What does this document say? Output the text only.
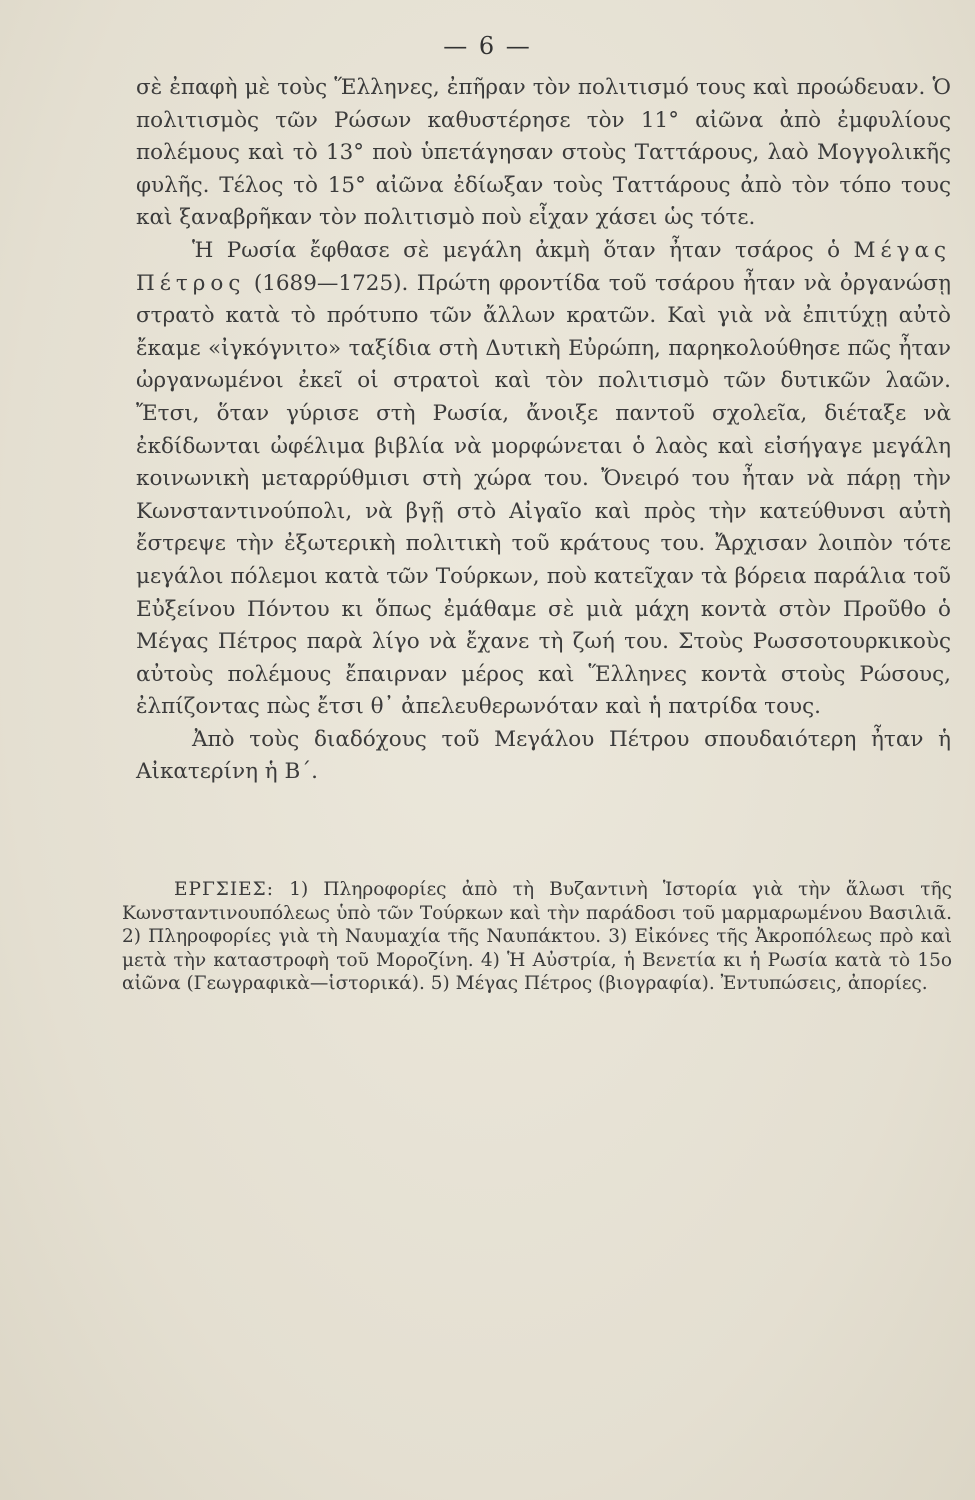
— 6 —

σὲ ἐπαφὴ μὲ τοὺς Ἕλληνες, ἐπῆραν τὸν πολιτισμό τους καὶ προώδευαν. Ὁ πολιτισμὸς τῶν Ρώσων καθυστέρησε τὸν 11° αἰῶνα ἀπὸ ἐμφυλίους πολέμους καὶ τὸ 13° ποὺ ὑπετάγησαν στοὺς Ταττάρους, λαὸ Μογγολικῆς φυλῆς. Τέλος τὸ 15° αἰῶνα ἐδίωξαν τοὺς Ταττάρους ἀπὸ τὸν τόπο τους καὶ ξαναβρῆκαν τὸν πολιτισμὸ ποὺ εἶχαν χάσει ὡς τότε.

Ἡ Ρωσία ἔφθασε σὲ μεγάλη ἀκμὴ ὅταν ἦταν τσάρος ὁ Μέγας Πέτρος (1689—1725). Πρώτη φροντίδα τοῦ τσάρου ἦταν νὰ ὀργανώσῃ στρατὸ κατὰ τὸ πρότυπο τῶν ἄλλων κρατῶν. Καὶ γιὰ νὰ ἐπιτύχῃ αὐτὸ ἔκαμε «ἰγκόγνιτο» ταξίδια στὴ Δυτικὴ Εὐρώπη, παρηκολούθησε πῶς ἦταν ὠργανωμένοι ἐκεῖ οἱ στρατοὶ καὶ τὸν πολιτισμὸ τῶν δυτικῶν λαῶν. Ἔτσι, ὅταν γύρισε στὴ Ρωσία, ἄνοιξε παντοῦ σχολεῖα, διέταξε νὰ ἐκδίδωνται ὠφέλιμα βιβλία νὰ μορφώνεται ὁ λαὸς καὶ εἰσήγαγε μεγάλη κοινωνικὴ μεταρρύθμισι στὴ χώρα του. Ὄνειρό του ἦταν νὰ πάρῃ τὴν Κωνσταντινούπολι, νὰ βγῇ στὸ Αἰγαῖο καὶ πρὸς τὴν κατεύθυνσι αὐτὴ ἔστρεψε τὴν ἐξωτερικὴ πολιτικὴ τοῦ κράτους του. Ἄρχισαν λοιπὸν τότε μεγάλοι πόλεμοι κατὰ τῶν Τούρκων, ποὺ κατεῖχαν τὰ βόρεια παράλια τοῦ Εὐξείνου Πόντου κι ὅπως ἐμάθαμε σὲ μιὰ μάχη κοντὰ στὸν Προῦθο ὁ Μέγας Πέτρος παρὰ λίγο νὰ ἔχανε τὴ ζωή του. Στοὺς Ρωσσοτουρκικοὺς αὐτοὺς πολέμους ἔπαιρναν μέρος καὶ Ἕλληνες κοντὰ στοὺς Ρώσους, ἐλπίζοντας πὼς ἔτσι θ᾿ ἀπελευθερωνόταν καὶ ἡ πατρίδα τους.

Ἀπὸ τοὺς διαδόχους τοῦ Μεγάλου Πέτρου σπουδαιότερη ἦταν ἡ Αἰκατερίνη ἡ Β΄.

ΕΡΓΣΙΕΣ: 1) Πληροφορίες ἀπὸ τὴ Βυζαντινὴ Ἱστορία γιὰ τὴν ἅλωσι τῆς Κωνσταντινουπόλεως ὑπὸ τῶν Τούρκων καὶ τὴν παράδοσι τοῦ μαρμαρωμένου Βασιλιᾶ. 2) Πληροφορίες γιὰ τὴ Ναυμαχία τῆς Ναυπάκτου. 3) Εἰκόνες τῆς Ἀκροπόλεως πρὸ καὶ μετὰ τὴν καταστροφὴ τοῦ Μοροζίνη. 4) Ἡ Αὐστρία, ἡ Βενετία κι ἡ Ρωσία κατὰ τὸ 15ο αἰῶνα (Γεωγραφικὰ—ἱστορικά). 5) Μέγας Πέτρος (βιογραφία). Ἐντυπώσεις, ἀπορίες.
